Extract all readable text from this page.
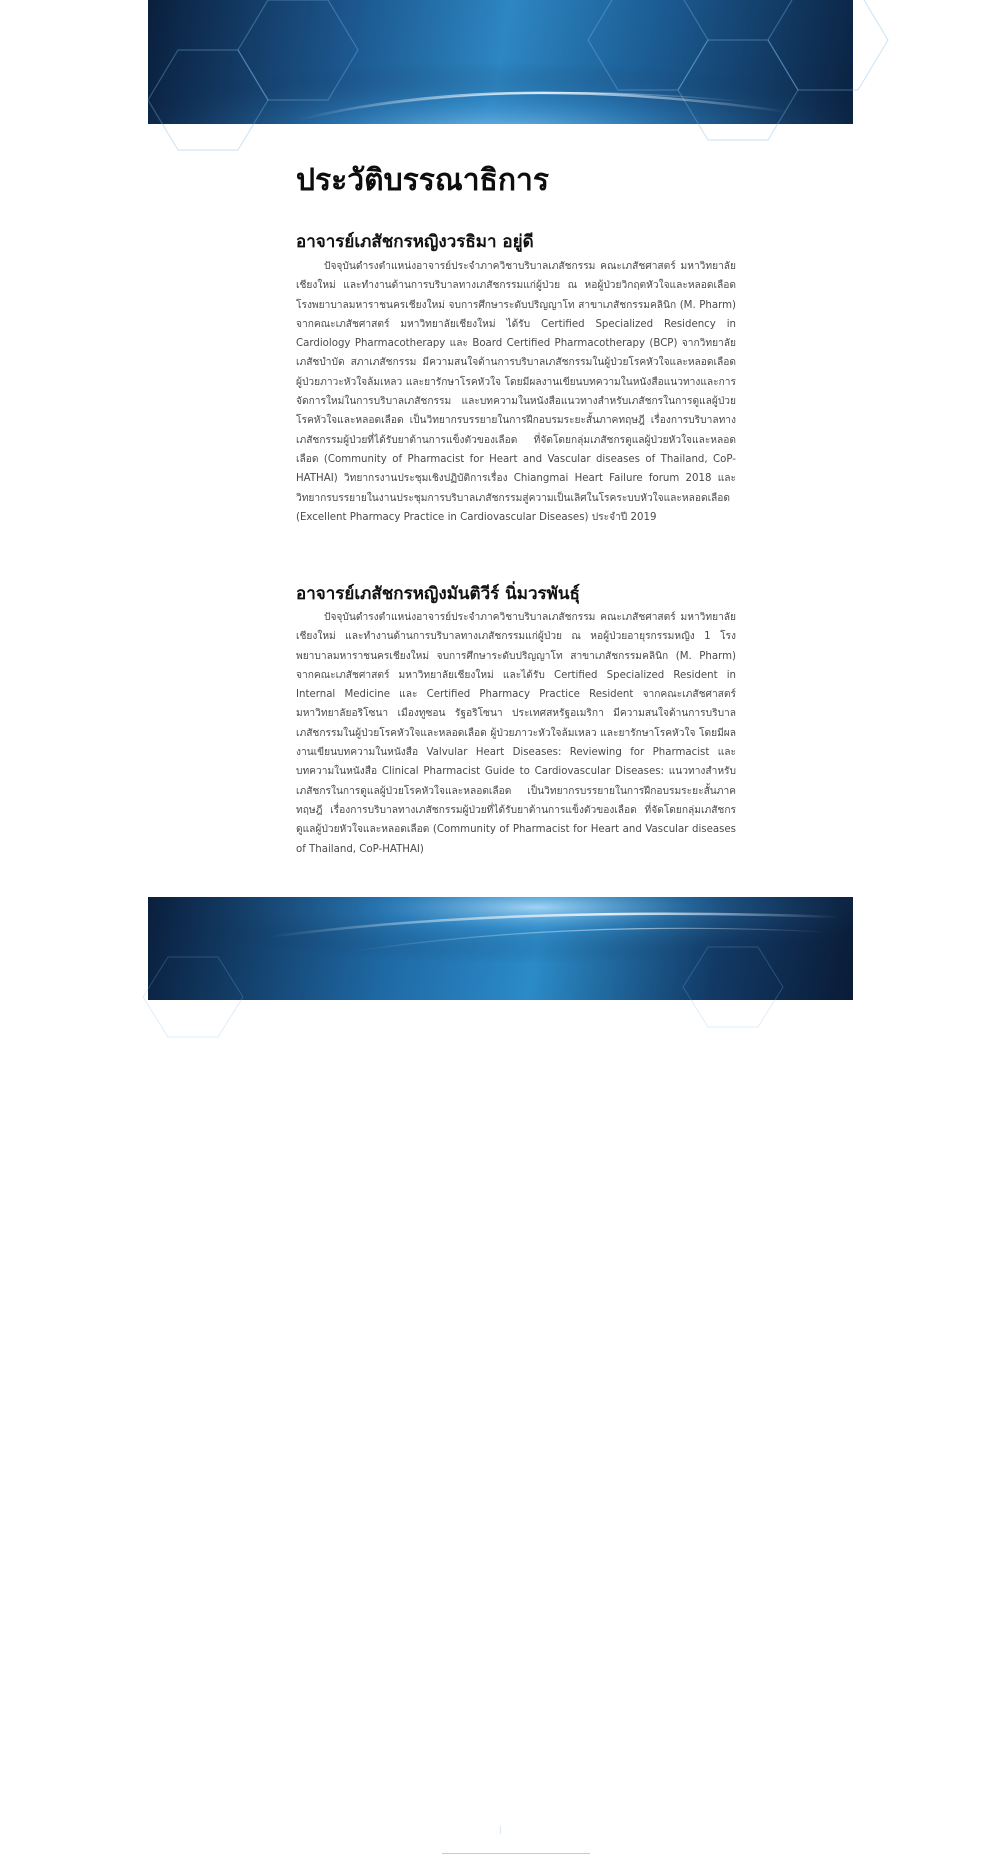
ประวัติบรรณาธิการ
อาจารย์เภสัชกรหญิงวรธิมา อยู่ดี

ปัจจุบันดำรงตำแหน่งอาจารย์ประจำภาควิชาบริบาลเภสัชกรรม คณะเภสัชศาสตร์ มหาวิทยาลัยเชียงใหม่ และทำงานด้านการบริบาลทางเภสัชกรรมแก่ผู้ป่วย ณ หอผู้ป่วยวิกฤตหัวใจและหลอดเลือด โรงพยาบาลมหาราชนครเชียงใหม่ จบการศึกษาระดับปริญญาโท สาขาเภสัชกรรมคลินิก (M. Pharm) จากคณะเภสัชศาสตร์ มหาวิทยาลัยเชียงใหม่ ได้รับ Certified Specialized Residency in Cardiology Pharmacotherapy และ Board Certified Pharmacotherapy (BCP) จากวิทยาลัยเภสัชบำบัด สภาเภสัชกรรม มีความสนใจด้านการบริบาลเภสัชกรรมในผู้ป่วยโรคหัวใจและหลอดเลือด ผู้ป่วยภาวะหัวใจล้มเหลว และยารักษาโรคหัวใจ โดยมีผลงานเขียนบทความในหนังสือแนวทางและการจัดการใหม่ในการบริบาลเภสัชกรรม และบทความในหนังสือแนวทางสำหรับเภสัชกรในการดูแลผู้ป่วยโรคหัวใจและหลอดเลือด เป็นวิทยากรบรรยายในการฝึกอบรมระยะสั้นภาคทฤษฎี เรื่องการบริบาลทางเภสัชกรรมผู้ป่วยที่ได้รับยาต้านการแข็งตัวของเลือด ที่จัดโดยกลุ่มเภสัชกรดูแลผู้ป่วยหัวใจและหลอดเลือด (Community of Pharmacist for Heart and Vascular diseases of Thailand, CoP-HATHAI) วิทยากรงานประชุมเชิงปฏิบัติการเรื่อง Chiangmai Heart Failure forum 2018 และวิทยากรบรรยายในงานประชุมการบริบาลเภสัชกรรมสู่ความเป็นเลิศในโรคระบบหัวใจและหลอดเลือด (Excellent Pharmacy Practice in Cardiovascular Diseases) ประจำปี 2019

อาจารย์เภสัชกรหญิงมันติวีร์ นิ่มวรพันธุ์

ปัจจุบันดำรงตำแหน่งอาจารย์ประจำภาควิชาบริบาลเภสัชกรรม คณะเภสัชศาสตร์ มหาวิทยาลัยเชียงใหม่ และทำงานด้านการบริบาลทางเภสัชกรรมแก่ผู้ป่วย ณ หอผู้ป่วยอายุรกรรมหญิง 1 โรงพยาบาลมหาราชนครเชียงใหม่ จบการศึกษาระดับปริญญาโท สาขาเภสัชกรรมคลินิก (M. Pharm) จากคณะเภสัชศาสตร์ มหาวิทยาลัยเชียงใหม่ และได้รับ Certified Specialized Resident in Internal Medicine และ Certified Pharmacy Practice Resident จากคณะเภสัชศาสตร์ มหาวิทยาลัยอริโซนา เมืองทูซอน รัฐอริโซนา ประเทศสหรัฐอเมริกา มีความสนใจด้านการบริบาลเภสัชกรรมในผู้ป่วยโรคหัวใจและหลอดเลือด ผู้ป่วยภาวะหัวใจล้มเหลว และยารักษาโรคหัวใจ โดยมีผลงานเขียนบทความในหนังสือ Valvular Heart Diseases: Reviewing for Pharmacist และบทความในหนังสือ Clinical Pharmacist Guide to Cardiovascular Diseases: แนวทางสำหรับเภสัชกรในการดูแลผู้ป่วยโรคหัวใจและหลอดเลือด เป็นวิทยากรบรรยายในการฝึกอบรมระยะสั้นภาคทฤษฎี เรื่องการบริบาลทางเภสัชกรรมผู้ป่วยที่ได้รับยาต้านการแข็งตัวของเลือด ที่จัดโดยกลุ่มเภสัชกรดูแลผู้ป่วยหัวใจและหลอดเลือด (Community of Pharmacist for Heart and Vascular diseases of Thailand, CoP-HATHAI)

I
